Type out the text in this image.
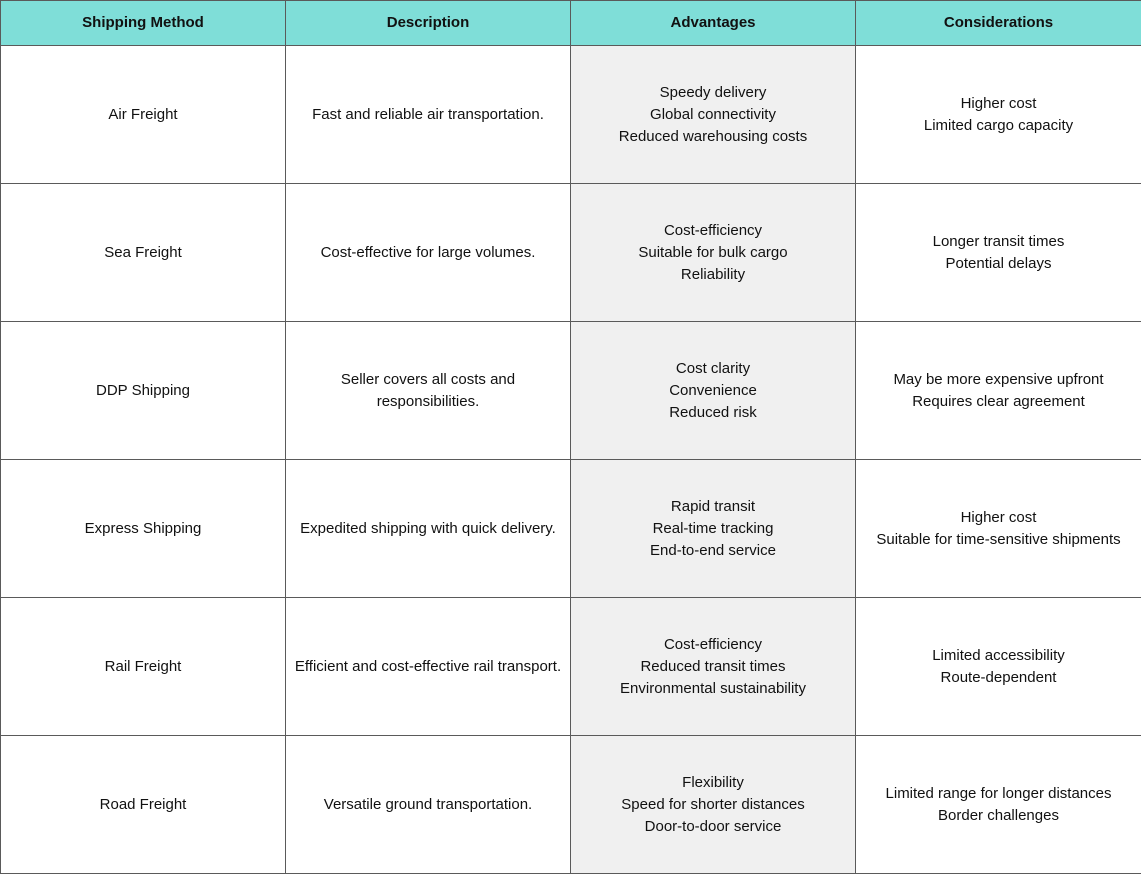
Shipping Method	Description	Advantages	Considerations
Air Freight	Fast and reliable air transportation.	Speedy delivery
Global connectivity
Reduced warehousing costs	Higher cost
Limited cargo capacity

Sea Freight	Cost-effective for large volumes.	Cost-efficiency
Suitable for bulk cargo
Reliability	Longer transit times
Potential delays

DDP Shipping	Seller covers all costs and responsibilities.	Cost clarity
Convenience
Reduced risk	May be more expensive upfront
Requires clear agreement

Express Shipping	Expedited shipping with quick delivery.	Rapid transit
Real-time tracking
End-to-end service	Higher cost
Suitable for time-sensitive shipments

Rail Freight	Efficient and cost-effective rail transport.	Cost-efficiency
Reduced transit times
Environmental sustainability	Limited accessibility
Route-dependent

Road Freight	Versatile ground transportation.	Flexibility
Speed for shorter distances
Door-to-door service	Limited range for longer distances
Border challenges
